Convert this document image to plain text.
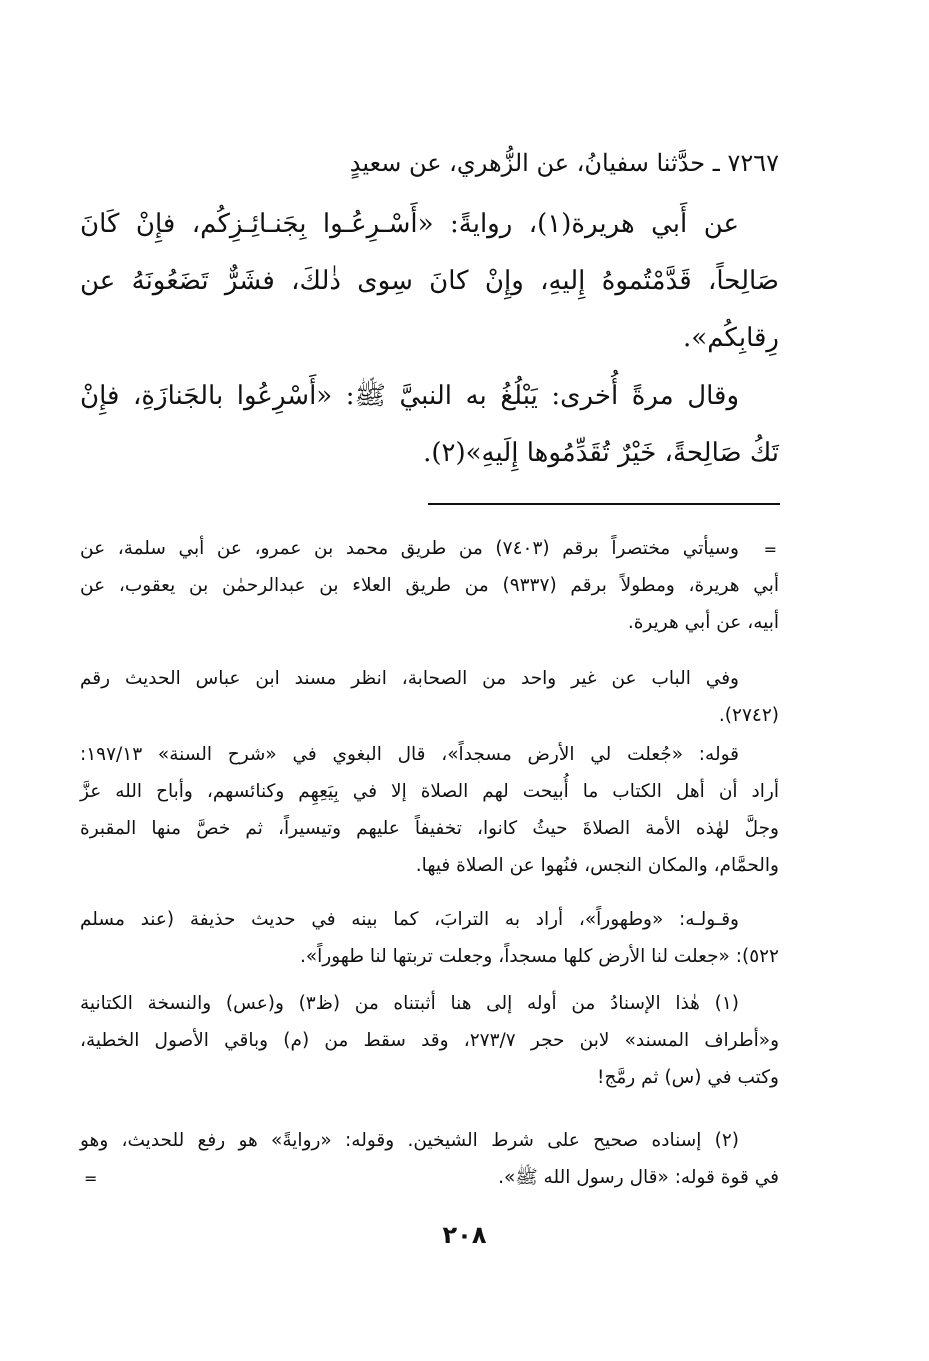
٧٢٦٧ ـ حدَّثنا سفيانُ، عن الزُّهري، عن سعيدٍ
عن أَبي هريرة(١)، روايةً: «أَسْـرِعُـوا بِجَنـائِـزِكُم، فإِنْ كَانَ
صَالِحاً، قَدَّمْتُموهُ إِليهِ، وإِنْ كانَ سِوى ذٰلكَ، فشَرٌّ تَضَعُونَهُ عن
رِقابِكُم».
وقال مرةً أُخرى: يَبْلُغُ به النبيَّ ﷺ: «أَسْرِعُوا بالجَنازَةِ، فإِنْ
تَكُ صَالِحةً، خَيْرٌ تُقَدِّمُوها إِلَيهِ»(٢).
=
وسيأتي مختصراً برقم (٧٤٠٣) من طريق محمد بن عمرو، عن أبي سلمة، عن
أبي هريرة، ومطولاً برقم (٩٣٣٧) من طريق العلاء بن عبدالرحمٰن بن يعقوب، عن
أبيه، عن أبي هريرة.
وفي الباب عن غير واحد من الصحابة، انظر مسند ابن عباس الحديث رقم
(٢٧٤٢).
قوله: «جُعلت لي الأرض مسجداً»، قال البغوي في «شرح السنة» ١٩٧/١٣:
أراد أن أهل الكتاب ما أُبيحت لهم الصلاة إلا في بِيَعِهِم وكنائسهم، وأباح الله عزَّ
وجلَّ لهٰذه الأمة الصلاةَ حيثُ كانوا، تخفيفاً عليهم وتيسيراً، ثم خصَّ منها المقبرة
والحمَّام، والمكان النجس، فنُهوا عن الصلاة فيها.
وقـولـه: «وطهوراً»، أراد به الترابَ، كما بينه في حديث حذيفة (عند مسلم
٥٢٢): «جعلت لنا الأرض كلها مسجداً، وجعلت تربتها لنا طهوراً».
(١) هٰذا الإسنادُ من أوله إلى هنا أثبتناه من (ظ٣) و(عس) والنسخة الكتانية
و«أطراف المسند» لابن حجر ٢٧٣/٧، وقد سقط من (م) وباقي الأصول الخطية،
وكتب في (س) ثم رمَّج!
(٢) إسناده صحيح على شرط الشيخين. وقوله: «روايةً» هو رفع للحديث، وهو
في قوة قوله: «قال رسول الله ﷺ».
=
٢٠٨
